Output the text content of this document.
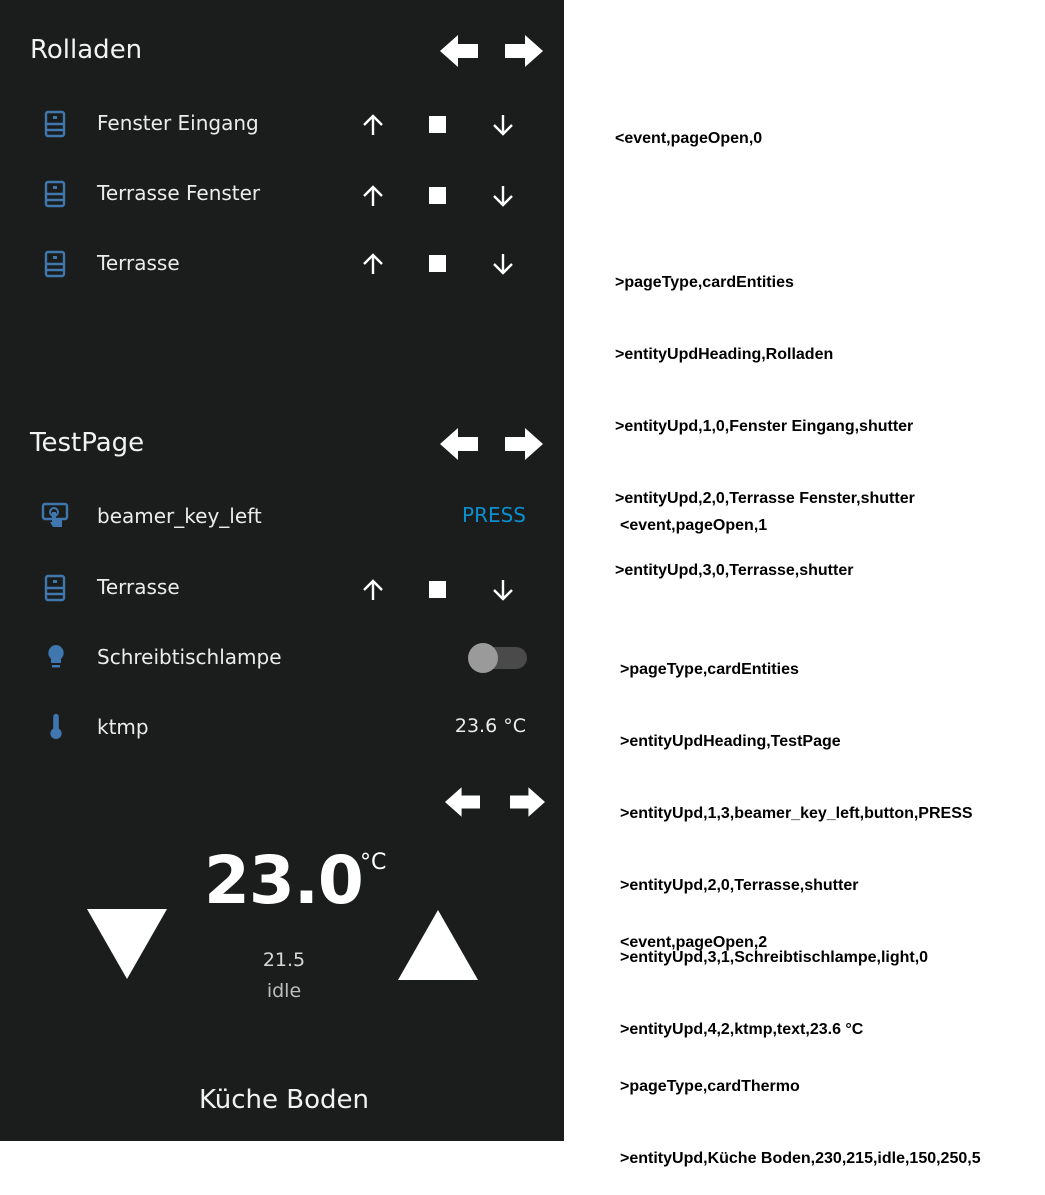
Rolladen
Fenster Eingang
Terrasse Fenster
Terrasse
TestPage
beamer_key_left	PRESS
Terrasse
Schreibtischlampe
ktmp	23.6 °C
23.0
°C
21.5
idle
Küche Boden

<event,pageOpen,0

>pageType,cardEntities

>entityUpdHeading,Rolladen

>entityUpd,1,0,Fenster Eingang,shutter

>entityUpd,2,0,Terrasse Fenster,shutter

>entityUpd,3,0,Terrasse,shutter

<event,pageOpen,1

>pageType,cardEntities

>entityUpdHeading,TestPage

>entityUpd,1,3,beamer_key_left,button,PRESS

>entityUpd,2,0,Terrasse,shutter

>entityUpd,3,1,Schreibtischlampe,light,0

>entityUpd,4,2,ktmp,text,23.6 °C

<event,pageOpen,2

>pageType,cardThermo

>entityUpd,Küche Boden,230,215,idle,150,250,5
